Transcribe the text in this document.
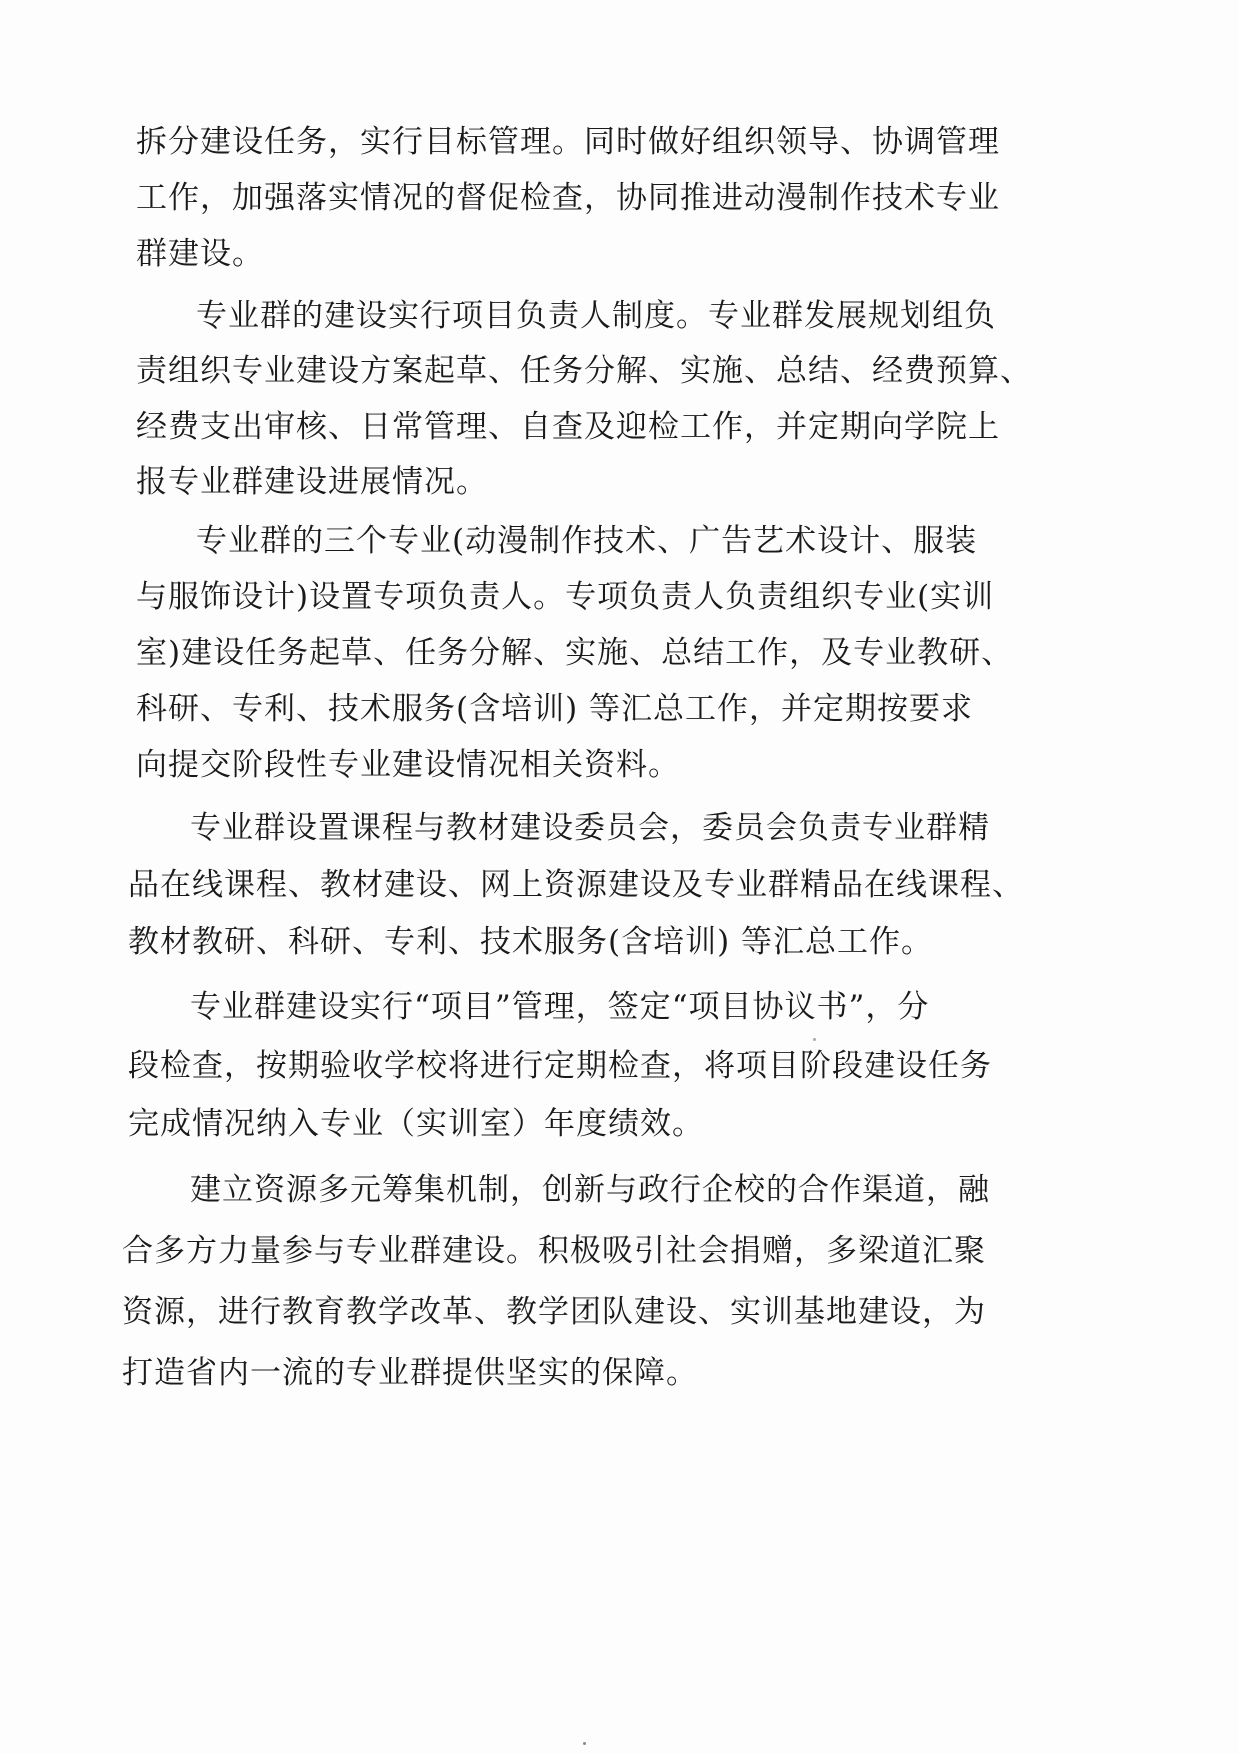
拆分建设任务，实行目标管理。同时做好组织领导、协调管理
工作，加强落实情况的督促检查，协同推进动漫制作技术专业
群建设。
专业群的建设实行项目负责人制度。专业群发展规划组负
责组织专业建设方案起草、任务分解、实施、总结、经费预算、
经费支出审核、日常管理、自查及迎检工作，并定期向学院上
报专业群建设进展情况。
专业群的三个专业(动漫制作技术、广告艺术设计、服装
与服饰设计)设置专项负责人。专项负责人负责组织专业(实训
室)建设任务起草、任务分解、实施、总结工作，及专业教研、
科研、专利、技术服务(含培训) 等汇总工作，并定期按要求
向提交阶段性专业建设情况相关资料。
专业群设置课程与教材建设委员会，委员会负责专业群精
品在线课程、教材建设、网上资源建设及专业群精品在线课程、
教材教研、科研、专利、技术服务(含培训) 等汇总工作。
专业群建设实行“项目”管理，签定“项目协议书”，分
段检查，按期验收学校将进行定期检查，将项目阶段建设任务
完成情况纳入专业（实训室）年度绩效。
建立资源多元筹集机制，创新与政行企校的合作渠道，融
合多方力量参与专业群建设。积极吸引社会捐赠，多梁道汇聚
资源，进行教育教学改革、教学团队建设、实训基地建设，为
打造省内一流的专业群提供坚实的保障。
